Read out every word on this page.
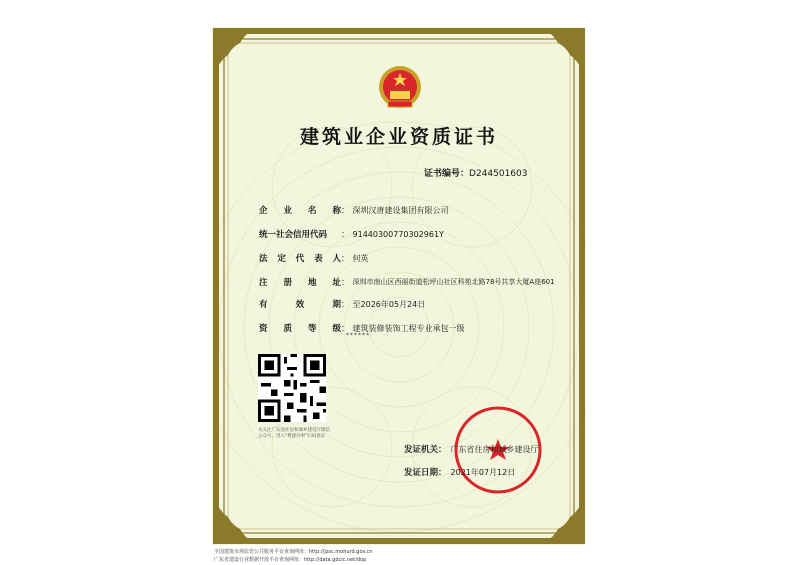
建筑业企业资质证书
证书编号：D244501603
企 业 名 称 ： 深圳汉唐建设集团有限公司
统一社会信用代码	： 91440300770302961Y
法 定 代 表 人 ： 何英
注 册 地 址 ： 深圳市南山区西丽街道松坪山社区科苑北路78号共享大厦A座601
有	效	期 ： 至2026年05月24日
资 质 等 级 ： 建筑装修装饰工程专业承包一级
******
关关注广东省住房和城乡建设厅微信公众号，进入"粤建办事"扫码查证
发证机关： 广东省住房和城乡建设厅
发证日期： 2021年07月12日
全国建筑市场监管公共服务平台查询网址：http://jzsc.mohurd.gov.cn
广东省建设行业数据开放平台查询网址：http://data.gdcic.net/dop
